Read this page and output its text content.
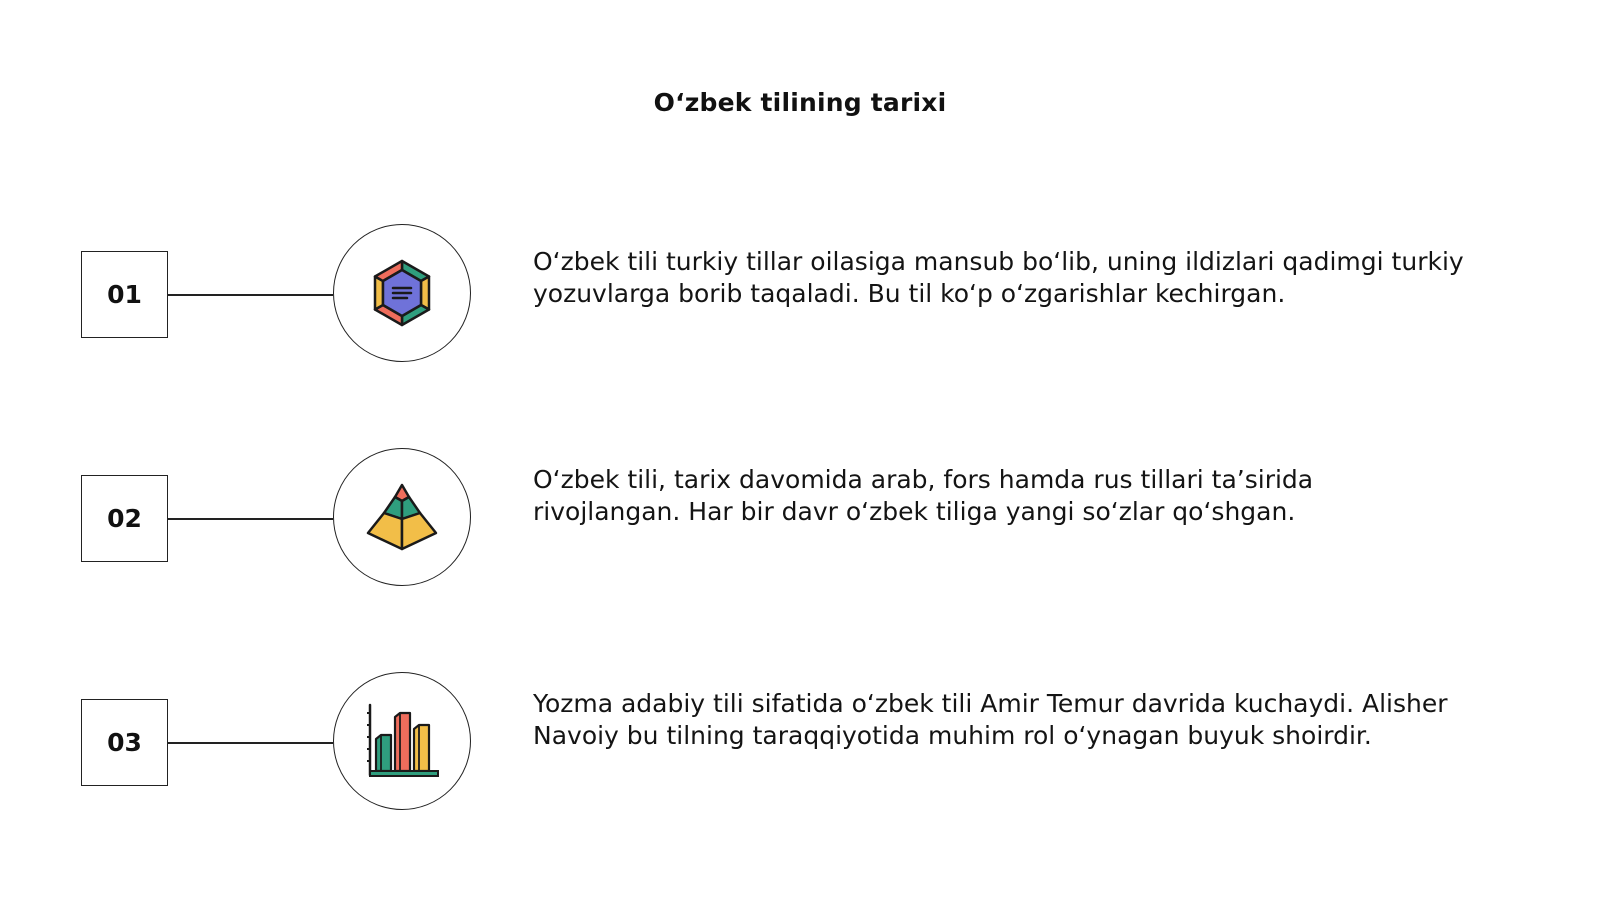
O‘zbek tilining tarixi
01
O‘zbek tili turkiy tillar oilasiga mansub bo‘lib, uning ildizlari qadimgi turkiy yozuvlarga borib taqaladi. Bu til ko‘p o‘zgarishlar kechirgan.
02
O‘zbek tili, tarix davomida arab, fors hamda rus tillari ta’sirida rivojlangan. Har bir davr o‘zbek tiliga yangi so‘zlar qo‘shgan.
03
Yozma adabiy tili sifatida o‘zbek tili Amir Temur davrida kuchaydi. Alisher Navoiy bu tilning taraqqiyotida muhim rol o‘ynagan buyuk shoirdir.
